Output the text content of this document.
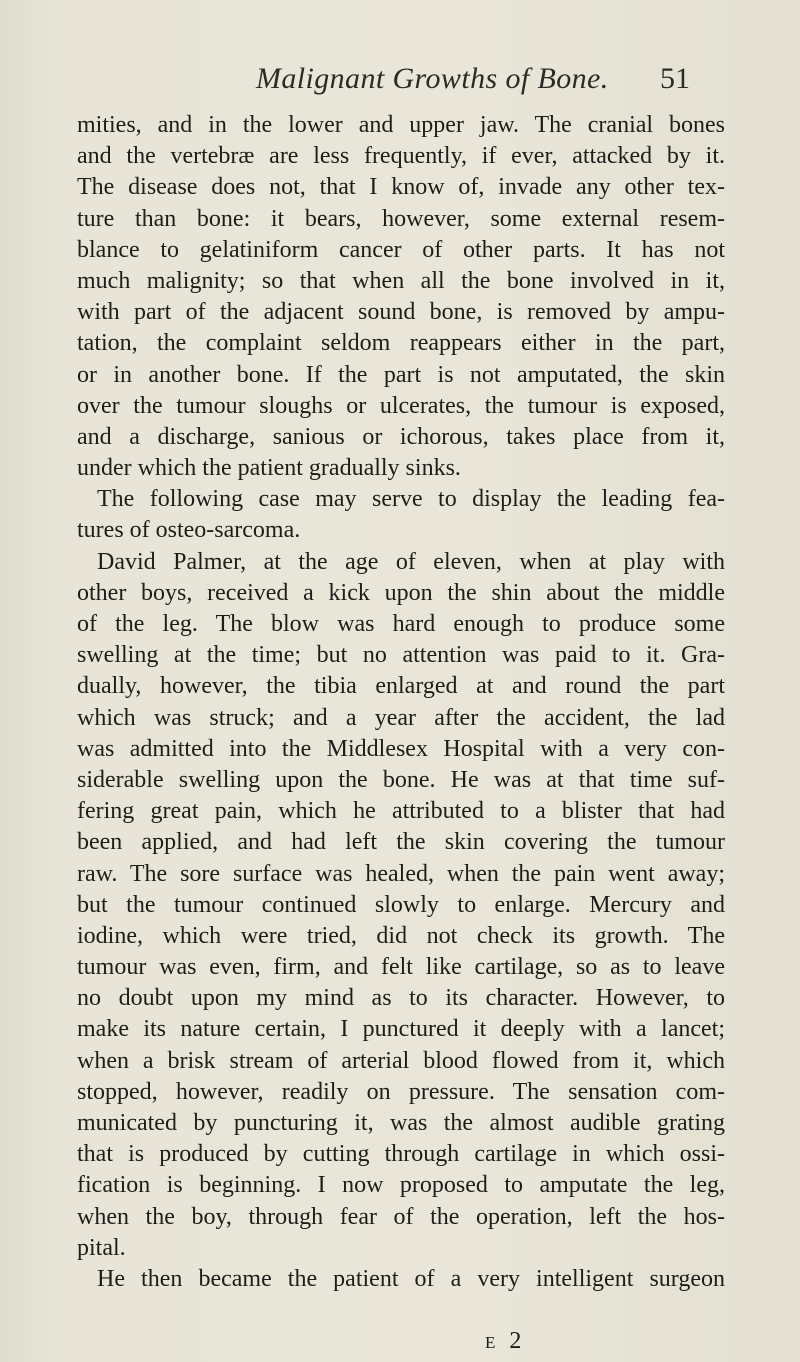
Malignant Growths of Bone. 51
mities, and in the lower and upper jaw. The cranial bones
and the vertebræ are less frequently, if ever, attacked by it.
The disease does not, that I know of, invade any other tex-
ture than bone: it bears, however, some external resem-
blance to gelatiniform cancer of other parts. It has not
much malignity; so that when all the bone involved in it,
with part of the adjacent sound bone, is removed by ampu-
tation, the complaint seldom reappears either in the part,
or in another bone. If the part is not amputated, the skin
over the tumour sloughs or ulcerates, the tumour is exposed,
and a discharge, sanious or ichorous, takes place from it,
under which the patient gradually sinks.
The following case may serve to display the leading fea-
tures of osteo-sarcoma.
David Palmer, at the age of eleven, when at play with
other boys, received a kick upon the shin about the middle
of the leg. The blow was hard enough to produce some
swelling at the time; but no attention was paid to it. Gra-
dually, however, the tibia enlarged at and round the part
which was struck; and a year after the accident, the lad
was admitted into the Middlesex Hospital with a very con-
siderable swelling upon the bone. He was at that time suf-
fering great pain, which he attributed to a blister that had
been applied, and had left the skin covering the tumour
raw. The sore surface was healed, when the pain went away;
but the tumour continued slowly to enlarge. Mercury and
iodine, which were tried, did not check its growth. The
tumour was even, firm, and felt like cartilage, so as to leave
no doubt upon my mind as to its character. However, to
make its nature certain, I punctured it deeply with a lancet;
when a brisk stream of arterial blood flowed from it, which
stopped, however, readily on pressure. The sensation com-
municated by puncturing it, was the almost audible grating
that is produced by cutting through cartilage in which ossi-
fication is beginning. I now proposed to amputate the leg,
when the boy, through fear of the operation, left the hos-
pital.
He then became the patient of a very intelligent surgeon
E 2
